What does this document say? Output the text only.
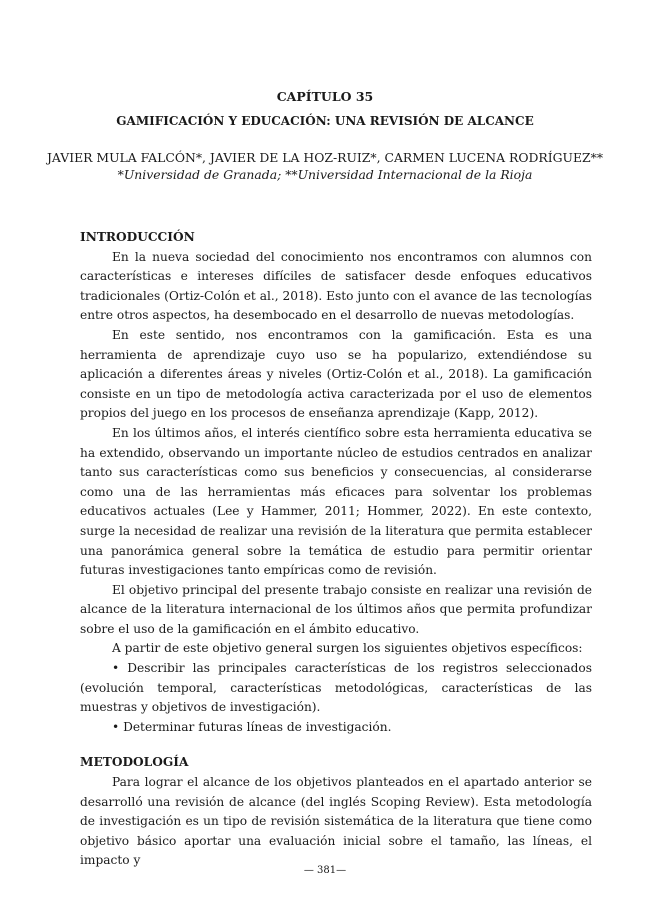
CAPÍTULO 35
GAMIFICACIÓN Y EDUCACIÓN: UNA REVISIÓN DE ALCANCE
JAVIER MULA FALCÓN*, JAVIER DE LA HOZ-RUIZ*, CARMEN LUCENA RODRÍGUEZ**
*Universidad de Granada; **Universidad Internacional de la Rioja
INTRODUCCIÓN

En la nueva sociedad del conocimiento nos encontramos con alumnos con características e intereses difíciles de satisfacer desde enfoques educativos tradicionales (Ortiz-Colón et al., 2018). Esto junto con el avance de las tecnologías entre otros aspectos, ha desembocado en el desarrollo de nuevas metodologías.

En este sentido, nos encontramos con la gamificación. Esta es una herramienta de aprendizaje cuyo uso se ha popularizo, extendiéndose su aplicación a diferentes áreas y niveles (Ortiz-Colón et al., 2018). La gamificación consiste en un tipo de metodología activa caracterizada por el uso de elementos propios del juego en los procesos de enseñanza aprendizaje (Kapp, 2012).

En los últimos años, el interés científico sobre esta herramienta educativa se ha extendido, observando un importante núcleo de estudios centrados en analizar tanto sus características como sus beneficios y consecuencias, al considerarse como una de las herramientas más eficaces para solventar los problemas educativos actuales (Lee y Hammer, 2011; Hommer, 2022). En este contexto, surge la necesidad de realizar una revisión de la literatura que permita establecer una panorámica general sobre la temática de estudio para permitir orientar futuras investigaciones tanto empíricas como de revisión.

El objetivo principal del presente trabajo consiste en realizar una revisión de alcance de la literatura internacional de los últimos años que permita profundizar sobre el uso de la gamificación en el ámbito educativo.

A partir de este objetivo general surgen los siguientes objetivos específicos:

• Describir las principales características de los registros seleccionados (evolución temporal, características metodológicas, características de las muestras y objetivos de investigación).

• Determinar futuras líneas de investigación.

METODOLOGÍA

Para lograr el alcance de los objetivos planteados en el apartado anterior se desarrolló una revisión de alcance (del inglés Scoping Review). Esta metodología de investigación es un tipo de revisión sistemática de la literatura que tiene como objetivo básico aportar una evaluación inicial sobre el tamaño, las líneas, el impacto y

— 381—
